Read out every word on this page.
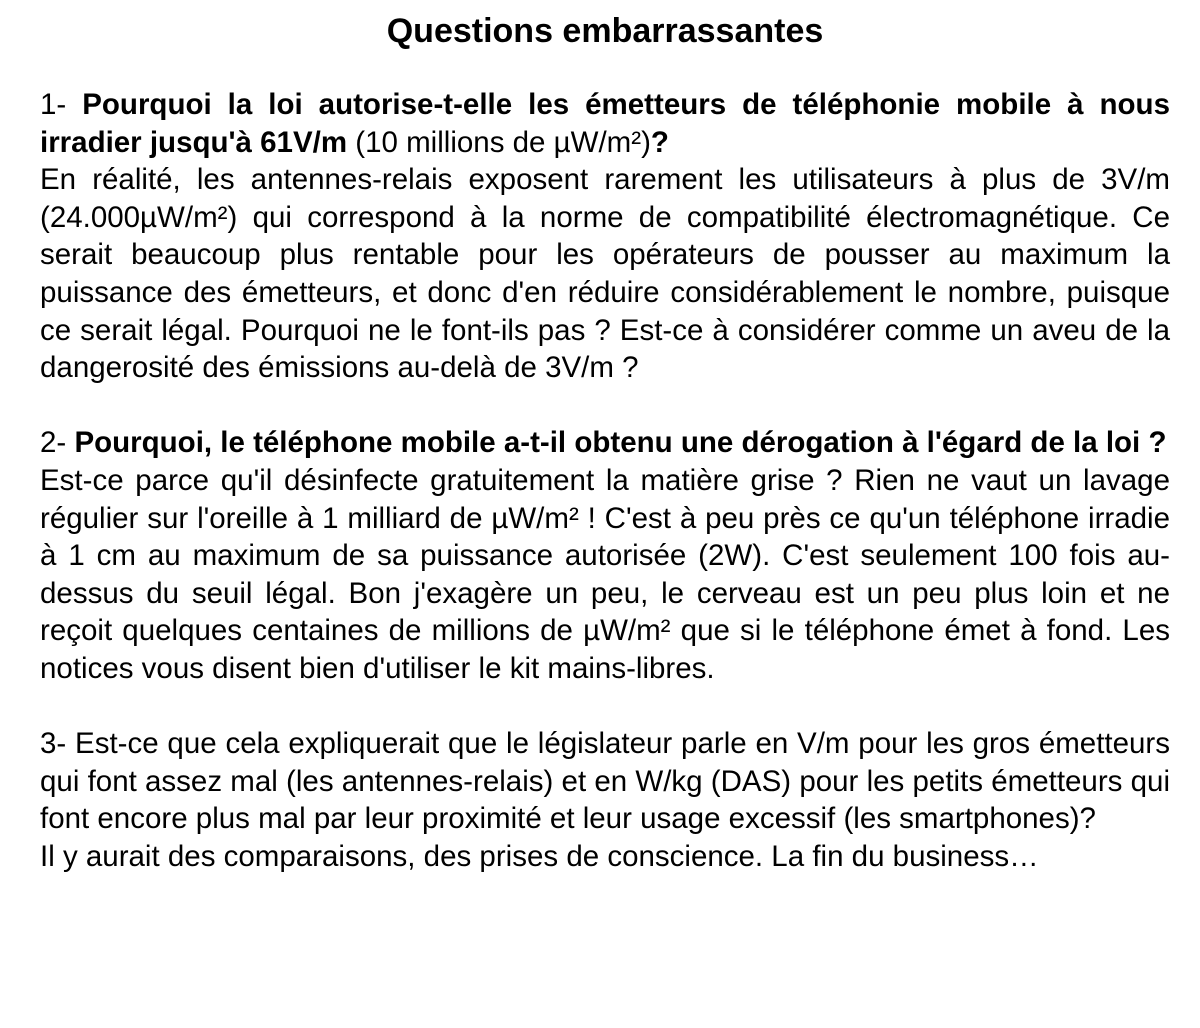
Questions embarrassantes

1- Pourquoi la loi autorise-t-elle les émetteurs de téléphonie mobile à nous irradier jusqu'à 61V/m (10 millions de µW/m²)?

En réalité, les antennes-relais exposent rarement les utilisateurs à plus de 3V/m (24.000µW/m²) qui correspond à la norme de compatibilité électromagnétique. Ce serait beaucoup plus rentable pour les opérateurs de pousser au maximum la puissance des émetteurs, et donc d'en réduire considérablement le nombre, puisque ce serait légal. Pourquoi ne le font-ils pas ? Est-ce à considérer comme un aveu de la dangerosité des émissions au-delà de 3V/m ?

2- Pourquoi, le téléphone mobile a-t-il obtenu une dérogation à l'égard de la loi ?

Est-ce parce qu'il désinfecte gratuitement la matière grise ? Rien ne vaut un lavage régulier sur l'oreille à 1 milliard de µW/m² ! C'est à peu près ce qu'un téléphone irradie à 1 cm au maximum de sa puissance autorisée (2W). C'est seulement 100 fois au-dessus du seuil légal. Bon j'exagère un peu, le cerveau est un peu plus loin et ne reçoit quelques centaines de millions de µW/m² que si le téléphone émet à fond. Les notices vous disent bien d'utiliser le kit mains-libres.

3- Est-ce que cela expliquerait que le législateur parle en V/m pour les gros émetteurs qui font assez mal (les antennes-relais) et en W/kg (DAS) pour les petits émetteurs qui font encore plus mal par leur proximité et leur usage excessif (les smartphones)?

Il y aurait des comparaisons, des prises de conscience. La fin du business…
